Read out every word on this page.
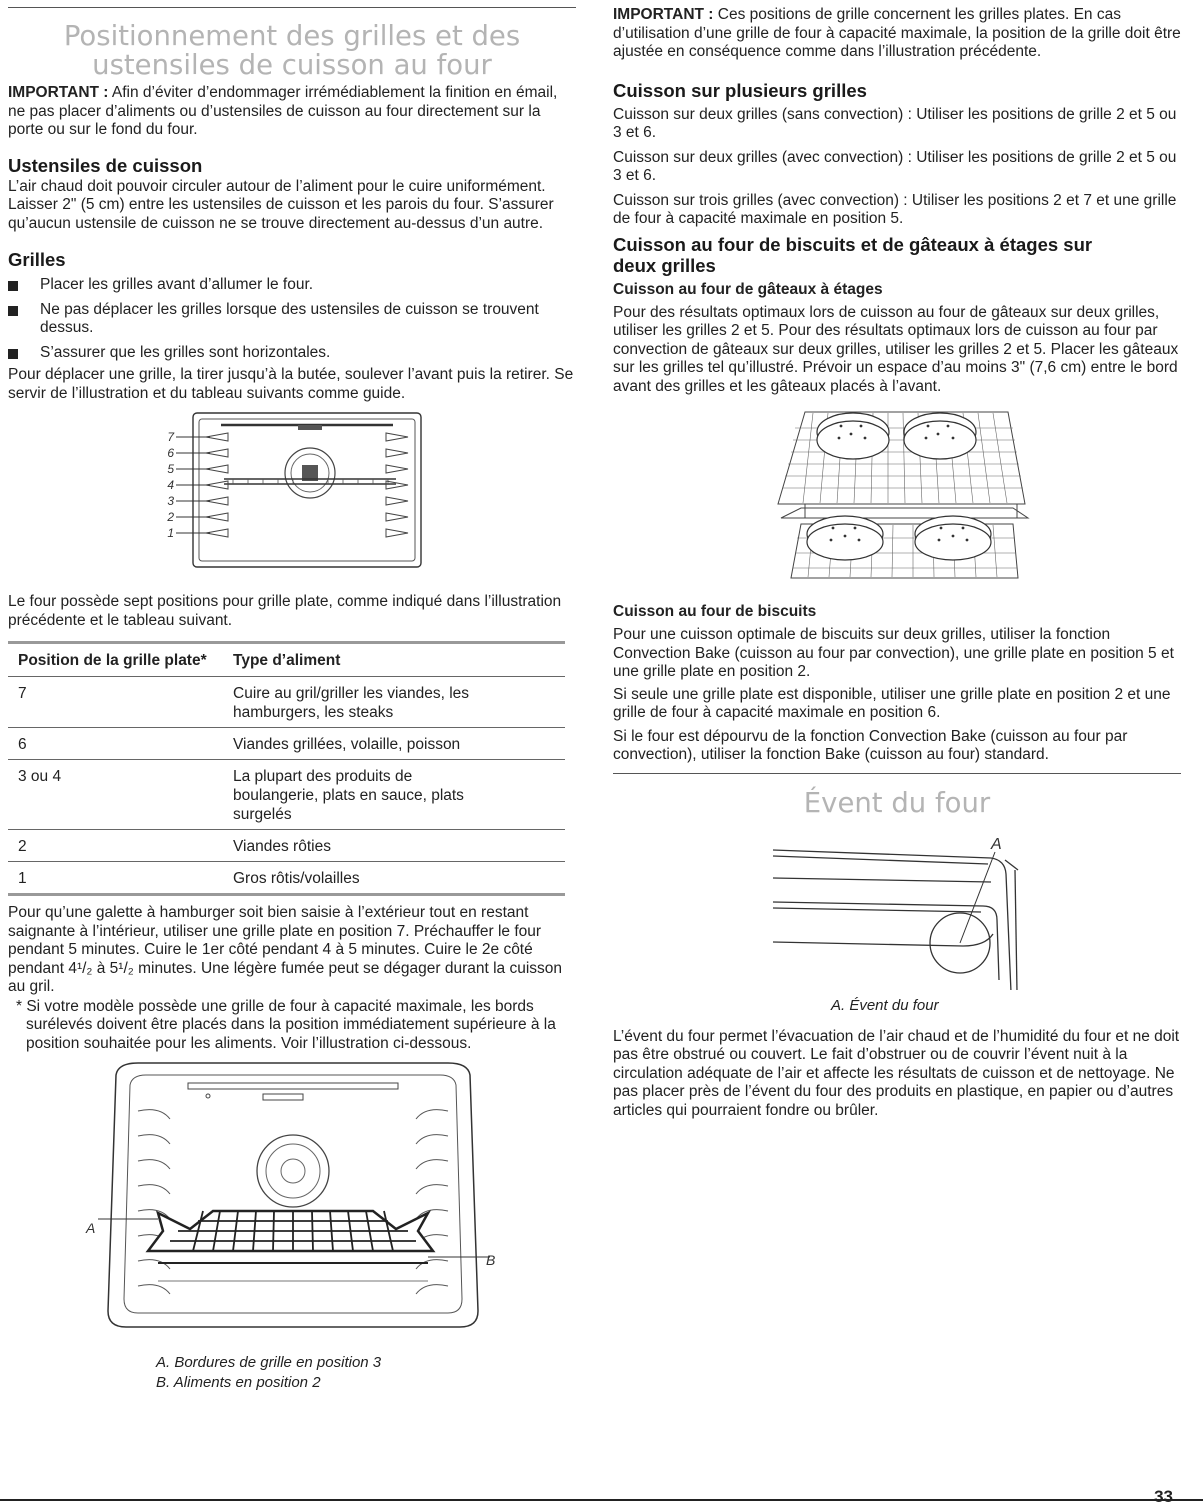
Positionnement des grilles et des ustensiles de cuisson au four

IMPORTANT : Afin d’éviter d’endommager irrémédiablement la finition en émail, ne pas placer d’aliments ou d’ustensiles de cuisson au four directement sur la porte ou sur le fond du four.

Ustensiles de cuisson

L’air chaud doit pouvoir circuler autour de l’aliment pour le cuire uniformément. Laisser 2" (5 cm) entre les ustensiles de cuisson et les parois du four. S’assurer qu’aucun ustensile de cuisson ne se trouve directement au-dessus d’un autre.

Grilles
Placer les grilles avant d’allumer le four.
Ne pas déplacer les grilles lorsque des ustensiles de cuisson se trouvent dessus.
S’assurer que les grilles sont horizontales.

Pour déplacer une grille, la tirer jusqu’à la butée, soulever l’avant puis la retirer. Se servir de l’illustration et du tableau suivants comme guide.

7
6
5
4
3
2
1

Le four possède sept positions pour grille plate, comme indiqué dans l’illustration précédente et le tableau suivant.

Position de la grille plate*	Type d’aliment
7	Cuire au gril/griller les viandes, les hamburgers, les steaks
6	Viandes grillées, volaille, poisson
3 ou 4	La plupart des produits de boulangerie, plats en sauce, plats surgelés
2	Viandes rôties
1	Gros rôtis/volailles

Pour qu’une galette à hamburger soit bien saisie à l’extérieur tout en restant saignante à l’intérieur, utiliser une grille plate en position 7. Préchauffer le four pendant 5 minutes. Cuire le 1er côté pendant 4 à 5 minutes. Cuire le 2e côté pendant 4¹/₂ à 5¹/₂ minutes. Une légère fumée peut se dégager durant la cuisson au gril.

* Si votre modèle possède une grille de four à capacité maximale, les bords surélevés doivent être placés dans la position immédiatement supérieure à la position souhaitée pour les aliments. Voir l’illustration ci-dessous.

A
B
A. Bordures de grille en position 3
B. Aliments en position 2

IMPORTANT : Ces positions de grille concernent les grilles plates. En cas d’utilisation d’une grille de four à capacité maximale, la position de la grille doit être ajustée en conséquence comme dans l’illustration précédente.

Cuisson sur plusieurs grilles

Cuisson sur deux grilles (sans convection) : Utiliser les positions de grille 2 et 5 ou 3 et 6.

Cuisson sur deux grilles (avec convection) : Utiliser les positions de grille 2 et 5 ou 3 et 6.

Cuisson sur trois grilles (avec convection) : Utiliser les positions 2 et 7 et une grille de four à capacité maximale en position 5.

Cuisson au four de biscuits et de gâteaux à étages sur deux grilles
Cuisson au four de gâteaux à étages

Pour des résultats optimaux lors de cuisson au four de gâteaux sur deux grilles, utiliser les grilles 2 et 5. Pour des résultats optimaux lors de cuisson au four par convection de gâteaux sur deux grilles, utiliser les grilles 2 et 5. Placer les gâteaux sur les grilles tel qu’illustré. Prévoir un espace d’au moins 3" (7,6 cm) entre le bord avant des grilles et les gâteaux placés à l’avant.

Cuisson au four de biscuits

Pour une cuisson optimale de biscuits sur deux grilles, utiliser la fonction Convection Bake (cuisson au four par convection), une grille plate en position 5 et une grille plate en position 2.

Si seule une grille plate est disponible, utiliser une grille plate en position 2 et une grille de four à capacité maximale en position 6.

Si le four est dépourvu de la fonction Convection Bake (cuisson au four par convection), utiliser la fonction Bake (cuisson au four) standard.

Évent du four
A
A. Évent du four

L’évent du four permet l’évacuation de l’air chaud et de l’humidité du four et ne doit pas être obstrué ou couvert. Le fait d’obstruer ou de couvrir l’évent nuit à la circulation adéquate de l’air et affecte les résultats de cuisson et de nettoyage. Ne pas placer près de l’évent du four des produits en plastique, en papier ou d’autres articles qui pourraient fondre ou brûler.

33
